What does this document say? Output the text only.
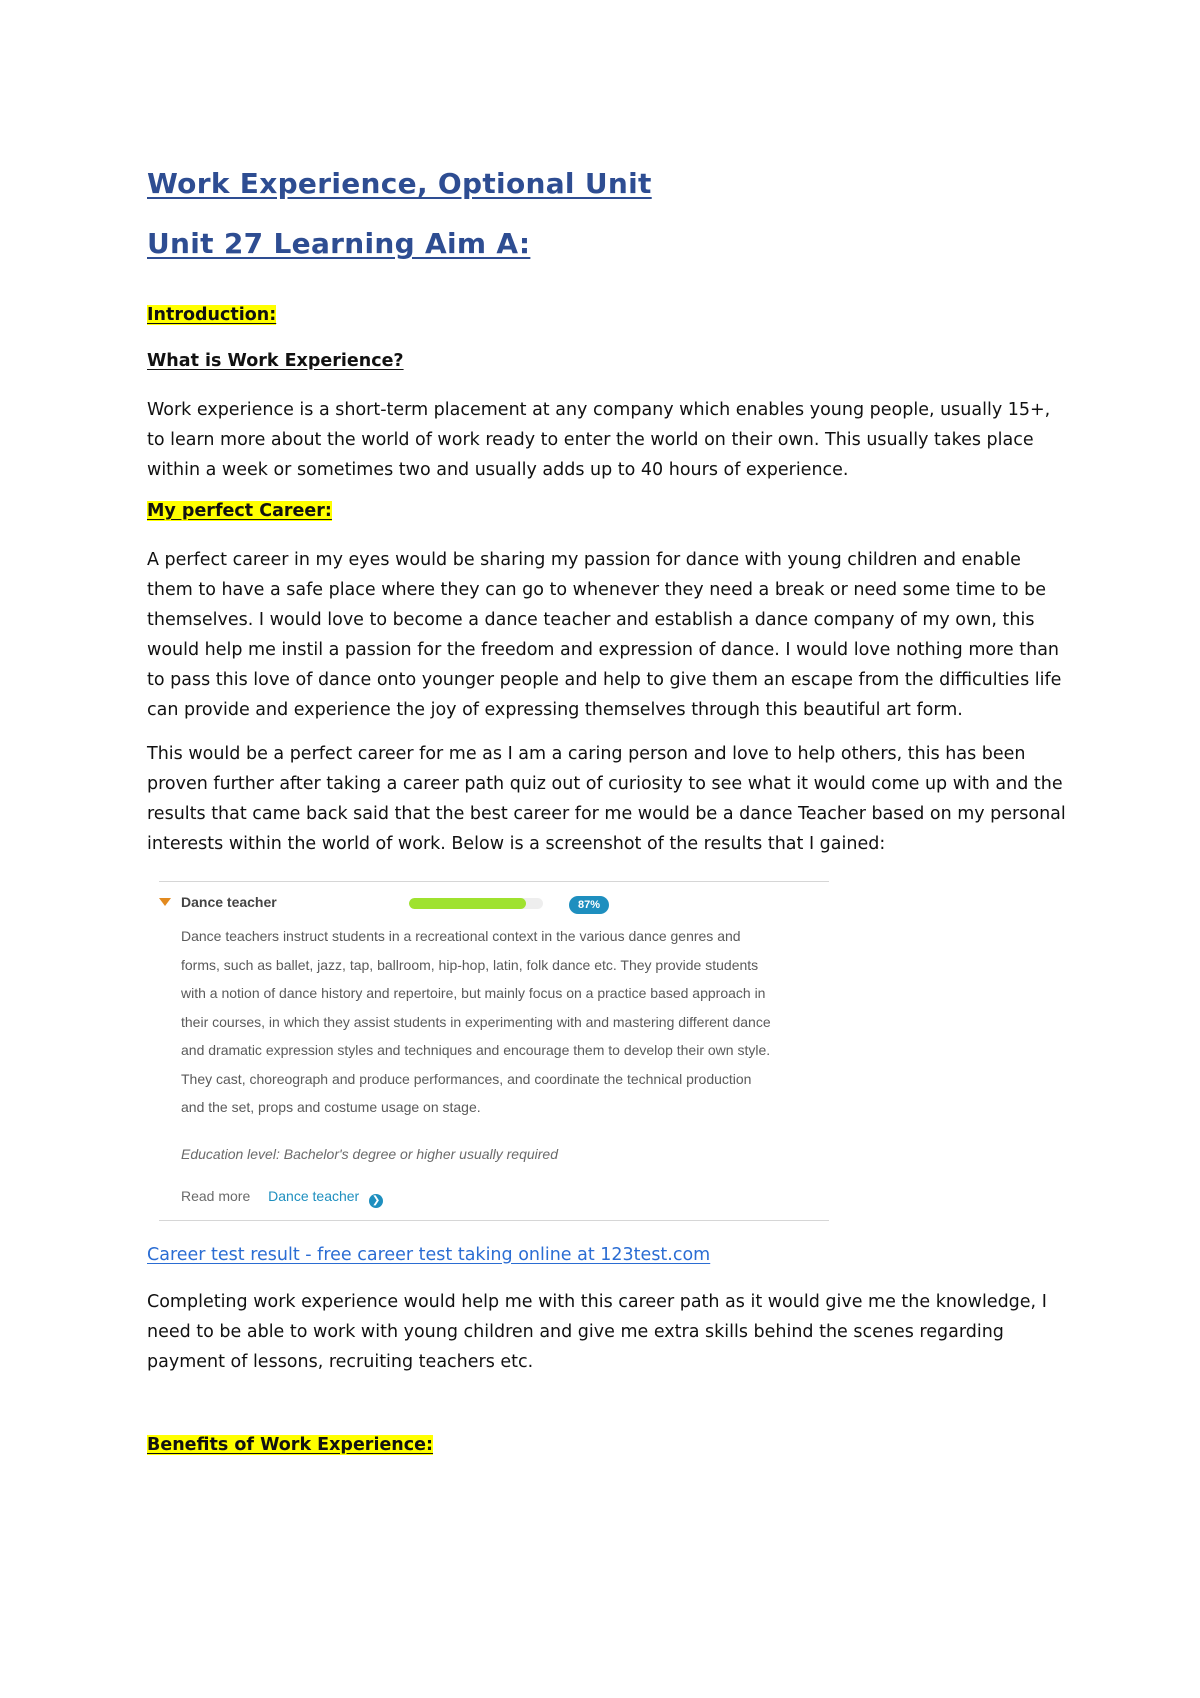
Work Experience, Optional Unit
Unit 27 Learning Aim A:
Introduction:
What is Work Experience?

Work experience is a short-term placement at any company which enables young people, usually 15+, to learn more about the world of work ready to enter the world on their own. This usually takes place within a week or sometimes two and usually adds up to 40 hours of experience.

My perfect Career:

A perfect career in my eyes would be sharing my passion for dance with young children and enable them to have a safe place where they can go to whenever they need a break or need some time to be themselves. I would love to become a dance teacher and establish a dance company of my own, this would help me instil a passion for the freedom and expression of dance. I would love nothing more than to pass this love of dance onto younger people and help to give them an escape from the difficulties life can provide and experience the joy of expressing themselves through this beautiful art form.

This would be a perfect career for me as I am a caring person and love to help others, this has been proven further after taking a career path quiz out of curiosity to see what it would come up with and the results that came back said that the best career for me would be a dance Teacher based on my personal interests within the world of work. Below is a screenshot of the results that I gained:

Dance teacher	87%
Dance teachers instruct students in a recreational context in the various dance genres and
forms, such as ballet, jazz, tap, ballroom, hip-hop, latin, folk dance etc. They provide students
with a notion of dance history and repertoire, but mainly focus on a practice based approach in
their courses, in which they assist students in experimenting with and mastering different dance
and dramatic expression styles and techniques and encourage them to develop their own style.
They cast, choreograph and produce performances, and coordinate the technical production
and the set, props and costume usage on stage.
Education level: Bachelor's degree or higher usually required
Read more Dance teacher ❯
Career test result - free career test taking online at 123test.com

Completing work experience would help me with this career path as it would give me the knowledge, I need to be able to work with young children and give me extra skills behind the scenes regarding payment of lessons, recruiting teachers etc.

Benefits of Work Experience:
